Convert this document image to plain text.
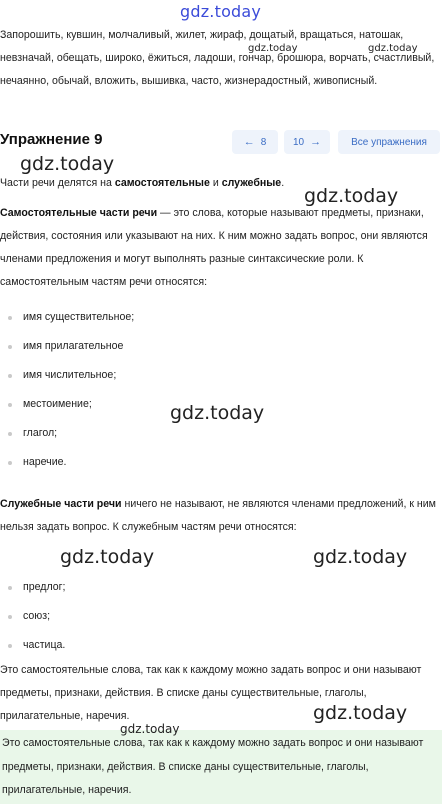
gdz.today

Запорошить, кувшин, молчаливый, жилет, жираф, дощатый, вращаться, натошак, невзначай, обещать, широко, ёжиться, ладоши, гончар, брошюра, ворчать, счастливый, нечаянно, обычай, вложить, вышивка, часто, жизнерадостный, живописный.

Упражнение 9	← 8	10 →	Все упражнения

Части речи делятся на самостоятельные и служебные.

Самостоятельные части речи — это слова, которые называют предметы, признаки, действия, состояния или указывают на них. К ним можно задать вопрос, они являются членами предложения и могут выполнять разные синтаксические роли. К самостоятельным частям речи относятся:

имя существительное;
имя прилагательное
имя числительное;
местоимение;
глагол;
наречие.

Служебные части речи ничего не называют, не являются членами предложений, к ним нельзя задать вопрос. К служебным частям речи относятся:

предлог;
союз;
частица.

Это самостоятельные слова, так как к каждому можно задать вопрос и они называют предметы, признаки, действия. В списке даны существительные, глаголы, прилагательные, наречия.

Это самостоятельные слова, так как к каждому можно задать вопрос и они называют предметы, признаки, действия. В списке даны существительные, глаголы, прилагательные, наречия.

gdz.today	gdz.today
gdz.today
gdz.today
gdz.today
gdz.today	gdz.today
gdz.today
gdz.today
